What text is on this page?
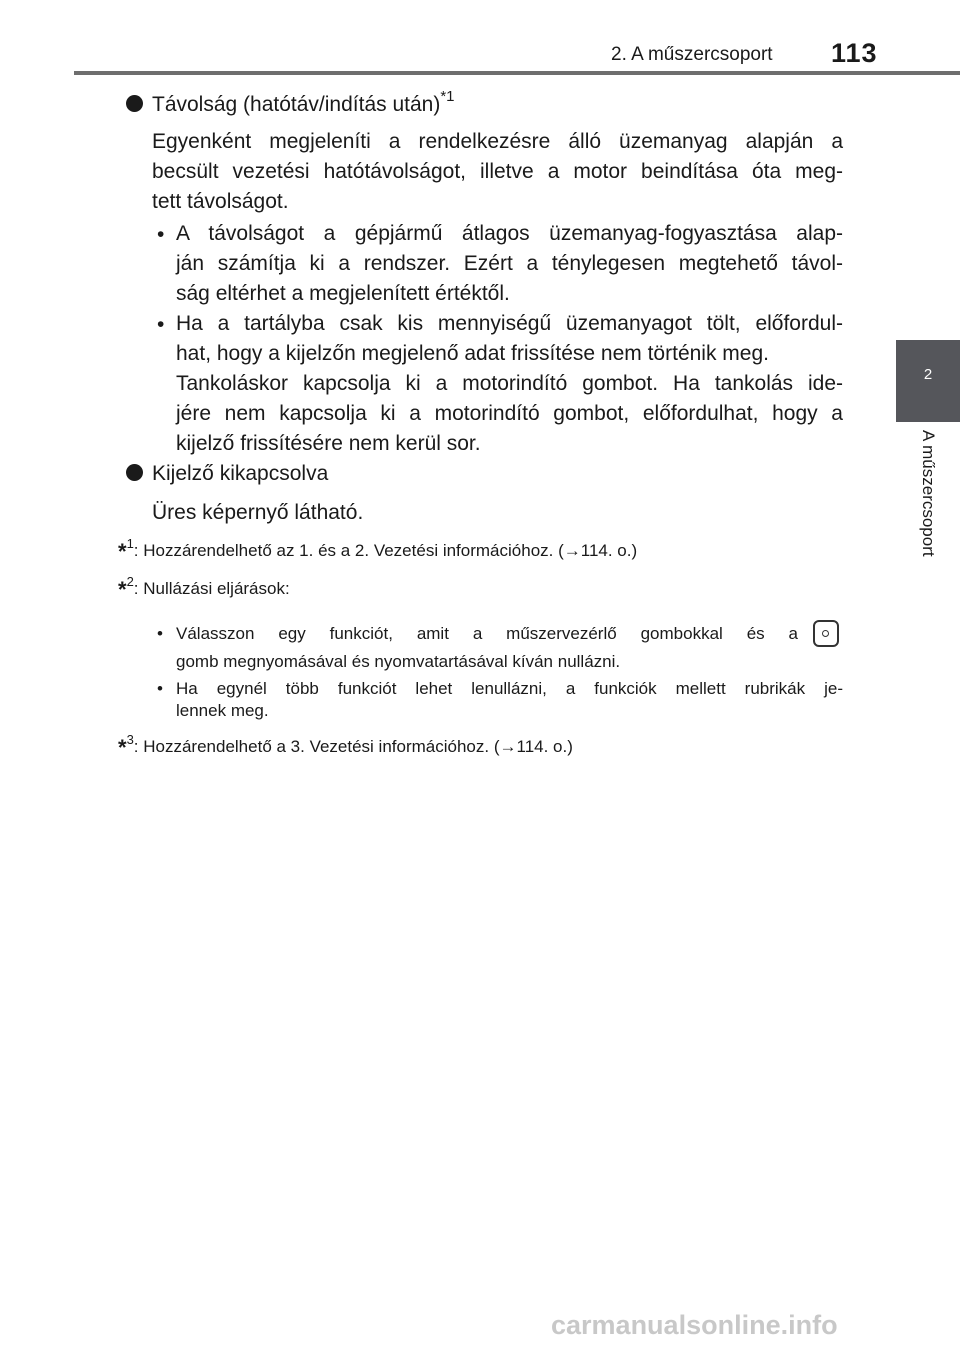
2. A műszercsoport 113
2
A műszercsoport
Távolság (hatótáv/indítás után)$^{*1}$
Egyenként megjeleníti a rendelkezésre álló üzemanyag alapján a
becsült vezetési hatótávolságot, illetve a motor beindítása óta meg-
tett távolságot.
• A távolságot a gépjármű átlagos üzemanyag-fogyasztása alap-
ján számítja ki a rendszer. Ezért a ténylegesen megtehető távol-
ság eltérhet a megjelenített értéktől.
• Ha a tartályba csak kis mennyiségű üzemanyagot tölt, előfordul-
hat, hogy a kijelzőn megjelenő adat frissítése nem történik meg.
Tankoláskor kapcsolja ki a motorindító gombot. Ha tankolás ide-
jére nem kapcsolja ki a motorindító gombot, előfordulhat, hogy a
kijelző frissítésére nem kerül sor.
Kijelző kikapcsolva
Üres képernyő látható.
*$^1$: Hozzárendelhető az 1. és a 2. Vezetési információhoz. (→114. o.)
*$^2$: Nullázási eljárások:
• Válasszon egy funkciót, amit a műszervezérlő gombokkal és a
gomb megnyomásával és nyomvatartásával kíván nullázni.
• Ha egynél több funkciót lehet lenullázni, a funkciók mellett rubrikák je-
lennek meg.
*$^3$: Hozzárendelhető a 3. Vezetési információhoz. (→114. o.)
carmanualsonline.info
